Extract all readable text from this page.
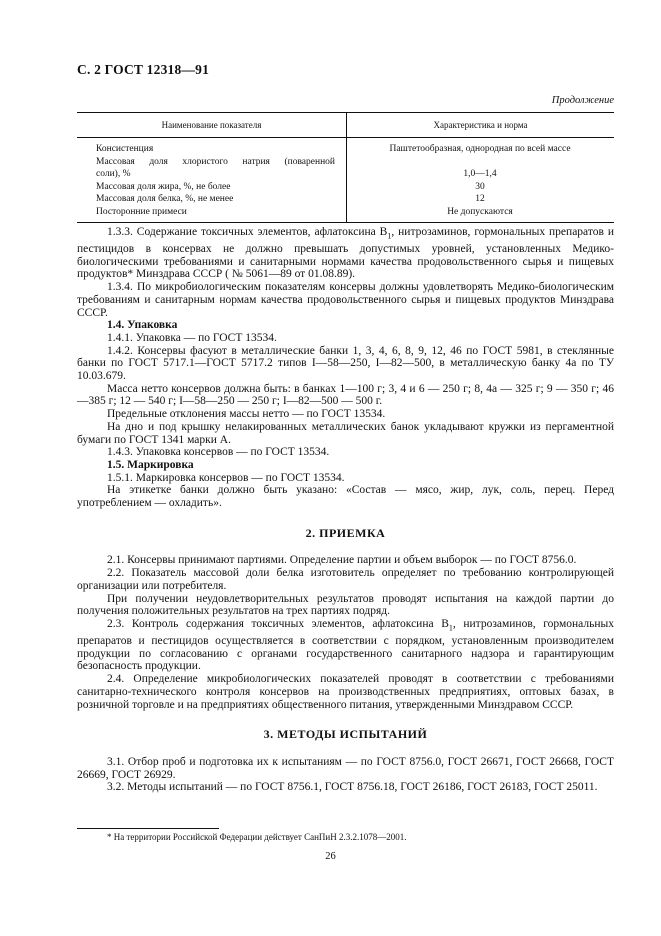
С. 2 ГОСТ 12318—91
Продолжение
Наименование показателя	Характеристика и норма
Консистенция	Паштетообразная, однородная по всей массе
Массовая доля хлористого натрия (поваренной
соли), %	1,0—1,4
Массовая доля жира, %, не более	30
Массовая доля белка, %, не менее	12
Посторонние примеси	Не допускаются

1.3.3. Содержание токсичных элементов, афлатоксина $B_1$, нитрозаминов, гормональных препаратов и пестицидов в консервах не должно превышать допустимых уровней, установленных Медико-биологическими требованиями и санитарными нормами качества продовольственного сырья и пищевых продуктов* Минздрава СССР ( № 5061—89 от 01.08.89).

1.3.4. По микробиологическим показателям консервы должны удовлетворять Медико-биологическим требованиям и санитарным нормам качества продовольственного сырья и пищевых продуктов Минздрава СССР.

1.4. Упаковка

1.4.1. Упаковка — по ГОСТ 13534.

1.4.2. Консервы фасуют в металлические банки 1, 3, 4, 6, 8, 9, 12, 46 по ГОСТ 5981, в стеклянные банки по ГОСТ 5717.1—ГОСТ 5717.2 типов I—58—250, I—82—500, в металлическую банку 4а по ТУ 10.03.679.

Масса нетто консервов должна быть: в банках 1—100 г; 3, 4 и 6 — 250 г; 8, 4а — 325 г; 9 — 350 г; 46—385 г; 12 — 540 г; I—58—250 — 250 г; I—82—500 — 500 г.

Предельные отклонения массы нетто — по ГОСТ 13534.

На дно и под крышку нелакированных металлических банок укладывают кружки из пергаментной бумаги по ГОСТ 1341 марки А.

1.4.3. Упаковка консервов — по ГОСТ 13534.

1.5. Маркировка

1.5.1. Маркировка консервов — по ГОСТ 13534.

На этикетке банки должно быть указано: «Состав — мясо, жир, лук, соль, перец. Перед употреблением — охладить».

2. ПРИЕМКА

2.1. Консервы принимают партиями. Определение партии и объем выборок — по ГОСТ 8756.0.

2.2. Показатель массовой доли белка изготовитель определяет по требованию контролирующей организации или потребителя.

При получении неудовлетворительных результатов проводят испытания на каждой партии до получения положительных результатов на трех партиях подряд.

2.3. Контроль содержания токсичных элементов, афлатоксина $B_1$, нитрозаминов, гормональных препаратов и пестицидов осуществляется в соответствии с порядком, установленным производителем продукции по согласованию с органами государственного санитарного надзора и гарантирующим безопасность продукции.

2.4. Определение микробиологических показателей проводят в соответствии с требованиями санитарно-технического контроля консервов на производственных предприятиях, оптовых базах, в розничной торговле и на предприятиях общественного питания, утвержденными Минздравом СССР.

3. МЕТОДЫ ИСПЫТАНИЙ

3.1. Отбор проб и подготовка их к испытаниям — по ГОСТ 8756.0, ГОСТ 26671, ГОСТ 26668, ГОСТ 26669, ГОСТ 26929.

3.2. Методы испытаний — по ГОСТ 8756.1, ГОСТ 8756.18, ГОСТ 26186, ГОСТ 26183, ГОСТ 25011.

* На территории Российской Федерации действует СанПиН 2.3.2.1078—2001.
26
